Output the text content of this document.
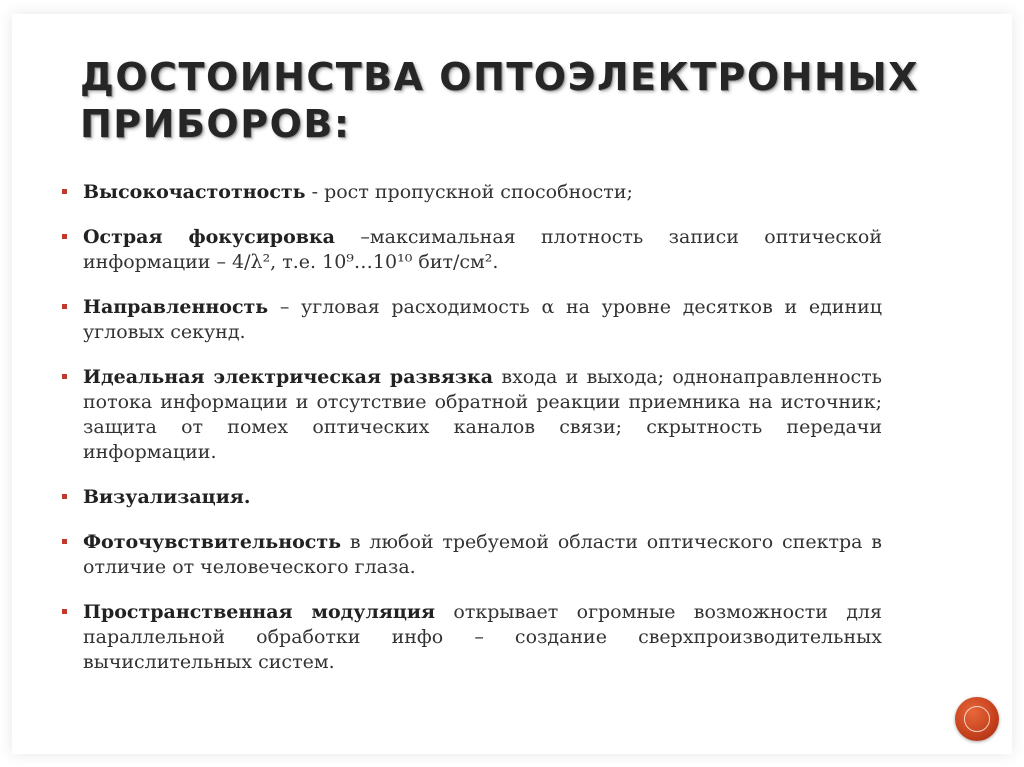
ДОСТОИНСТВА ОПТОЭЛЕКТРОННЫХ
ПРИБОРОВ:
Высокочастотность - рост пропускной способности;
Острая фокусировка –максимальная плотность записи оптической информации – 4/λ², т.е. 10⁹…10¹⁰ бит/см².
Направленность – угловая расходимость α на уровне десятков и единиц угловых секунд.
Идеальная электрическая развязка входа и выхода; однонаправленность потока информации и отсутствие обратной реакции приемника на источник; защита от помех оптических каналов связи; скрытность передачи информации.
Визуализация.
Фоточувствительность в любой требуемой области оптического спектра в отличие от человеческого глаза.
Пространственная модуляция открывает огромные возможности для параллельной обработки инфо – создание сверхпроизводительных вычислительных систем.
